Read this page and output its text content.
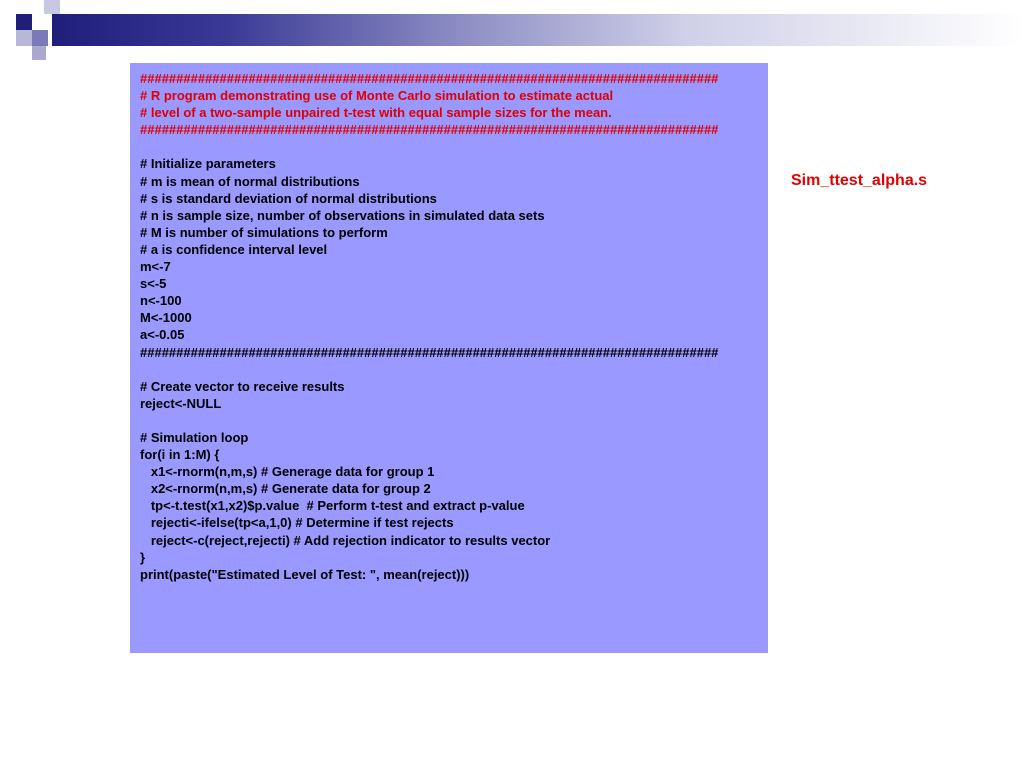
################################################################################
# R program demonstrating use of Monte Carlo simulation to estimate actual
# level of a two-sample unpaired t-test with equal sample sizes for the mean.
################################################################################
# Initialize parameters
# m is mean of normal distributions
# s is standard deviation of normal distributions
# n is sample size, number of observations in simulated data sets
# M is number of simulations to perform
# a is confidence interval level
m<-7
s<-5
n<-100
M<-1000
a<-0.05
################################################################################
# Create vector to receive results
reject<-NULL
# Simulation loop
for(i in 1:M) {
x1<-rnorm(n,m,s) # Generage data for group 1
x2<-rnorm(n,m,s) # Generate data for group 2
tp<-t.test(x1,x2)$p.value  # Perform t-test and extract p-value
rejecti<-ifelse(tp<a,1,0) # Determine if test rejects
reject<-c(reject,rejecti) # Add rejection indicator to results vector
}
print(paste("Estimated Level of Test: ", mean(reject)))
Sim_ttest_alpha.s
